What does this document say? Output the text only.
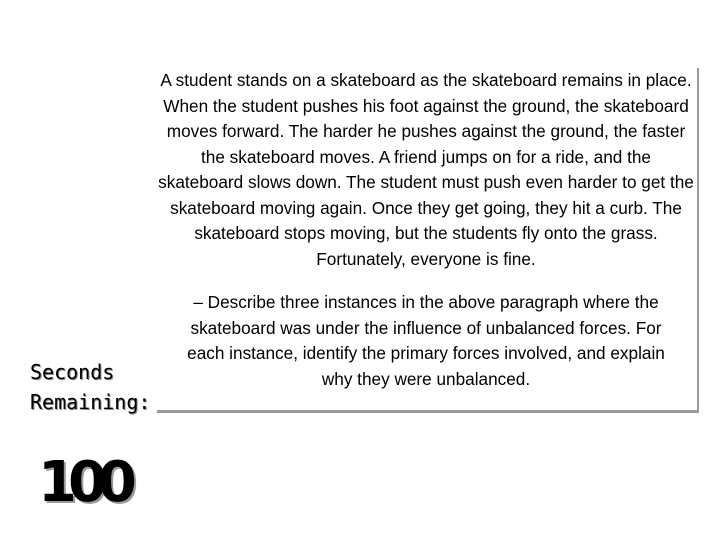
A student stands on a skateboard as the skateboard remains in place. When the student pushes his foot against the ground, the skateboard moves forward. The harder he pushes against the ground, the faster the skateboard moves. A friend jumps on for a ride, and the skateboard slows down. The student must push even harder to get the skateboard moving again. Once they get going, they hit a curb. The skateboard stops moving, but the students fly onto the grass. Fortunately, everyone is fine.

– Describe three instances in the above paragraph where the skateboard was under the influence of unbalanced forces. For each instance, identify the primary forces involved, and explain why they were unbalanced.

Seconds
Remaining:
100
